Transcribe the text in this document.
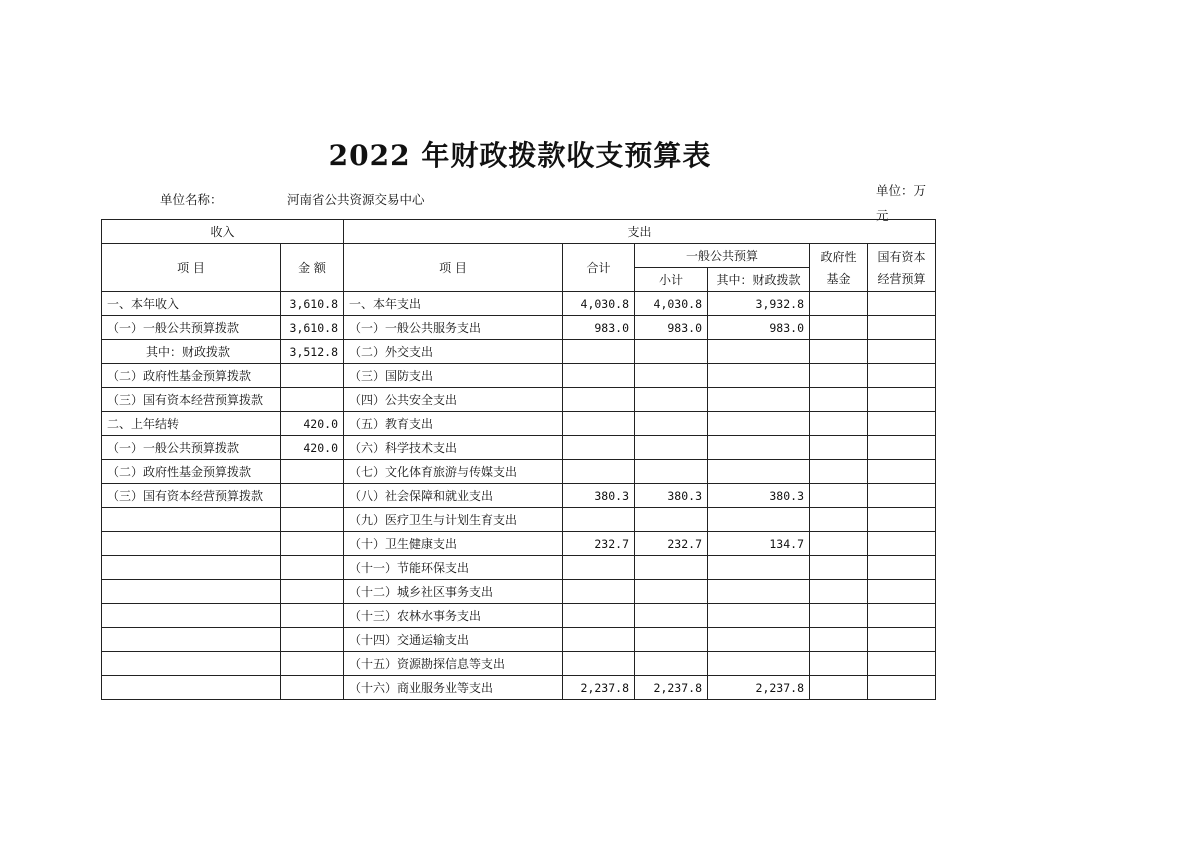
2022 年财政拨款收支预算表
单位名称：	河南省公共资源交易中心
单位：万元
收入		支出					
项 目	金 额	项 目	合计	一般公共预算		政府性基金	国有资本经营预算
				小计	其中：财政拨款		
一、本年收入	3,610.8	一、本年支出	4,030.8	4,030.8	3,932.8		
（一）一般公共预算拨款	3,610.8	（一）一般公共服务支出	983.0	983.0	983.0		
其中：财政拨款	3,512.8	（二）外交支出					
（二）政府性基金预算拨款		（三）国防支出					
（三）国有资本经营预算拨款		（四）公共安全支出					
二、上年结转	420.0	（五）教育支出					
（一）一般公共预算拨款	420.0	（六）科学技术支出					
（二）政府性基金预算拨款		（七）文化体育旅游与传媒支出					
（三）国有资本经营预算拨款		（八）社会保障和就业支出	380.3	380.3	380.3		
		（九）医疗卫生与计划生育支出					
		（十）卫生健康支出	232.7	232.7	134.7		
		（十一）节能环保支出					
		（十二）城乡社区事务支出					
		（十三）农林水事务支出					
		（十四）交通运输支出					
		（十五）资源勘探信息等支出					
		（十六）商业服务业等支出	2,237.8	2,237.8	2,237.8		
